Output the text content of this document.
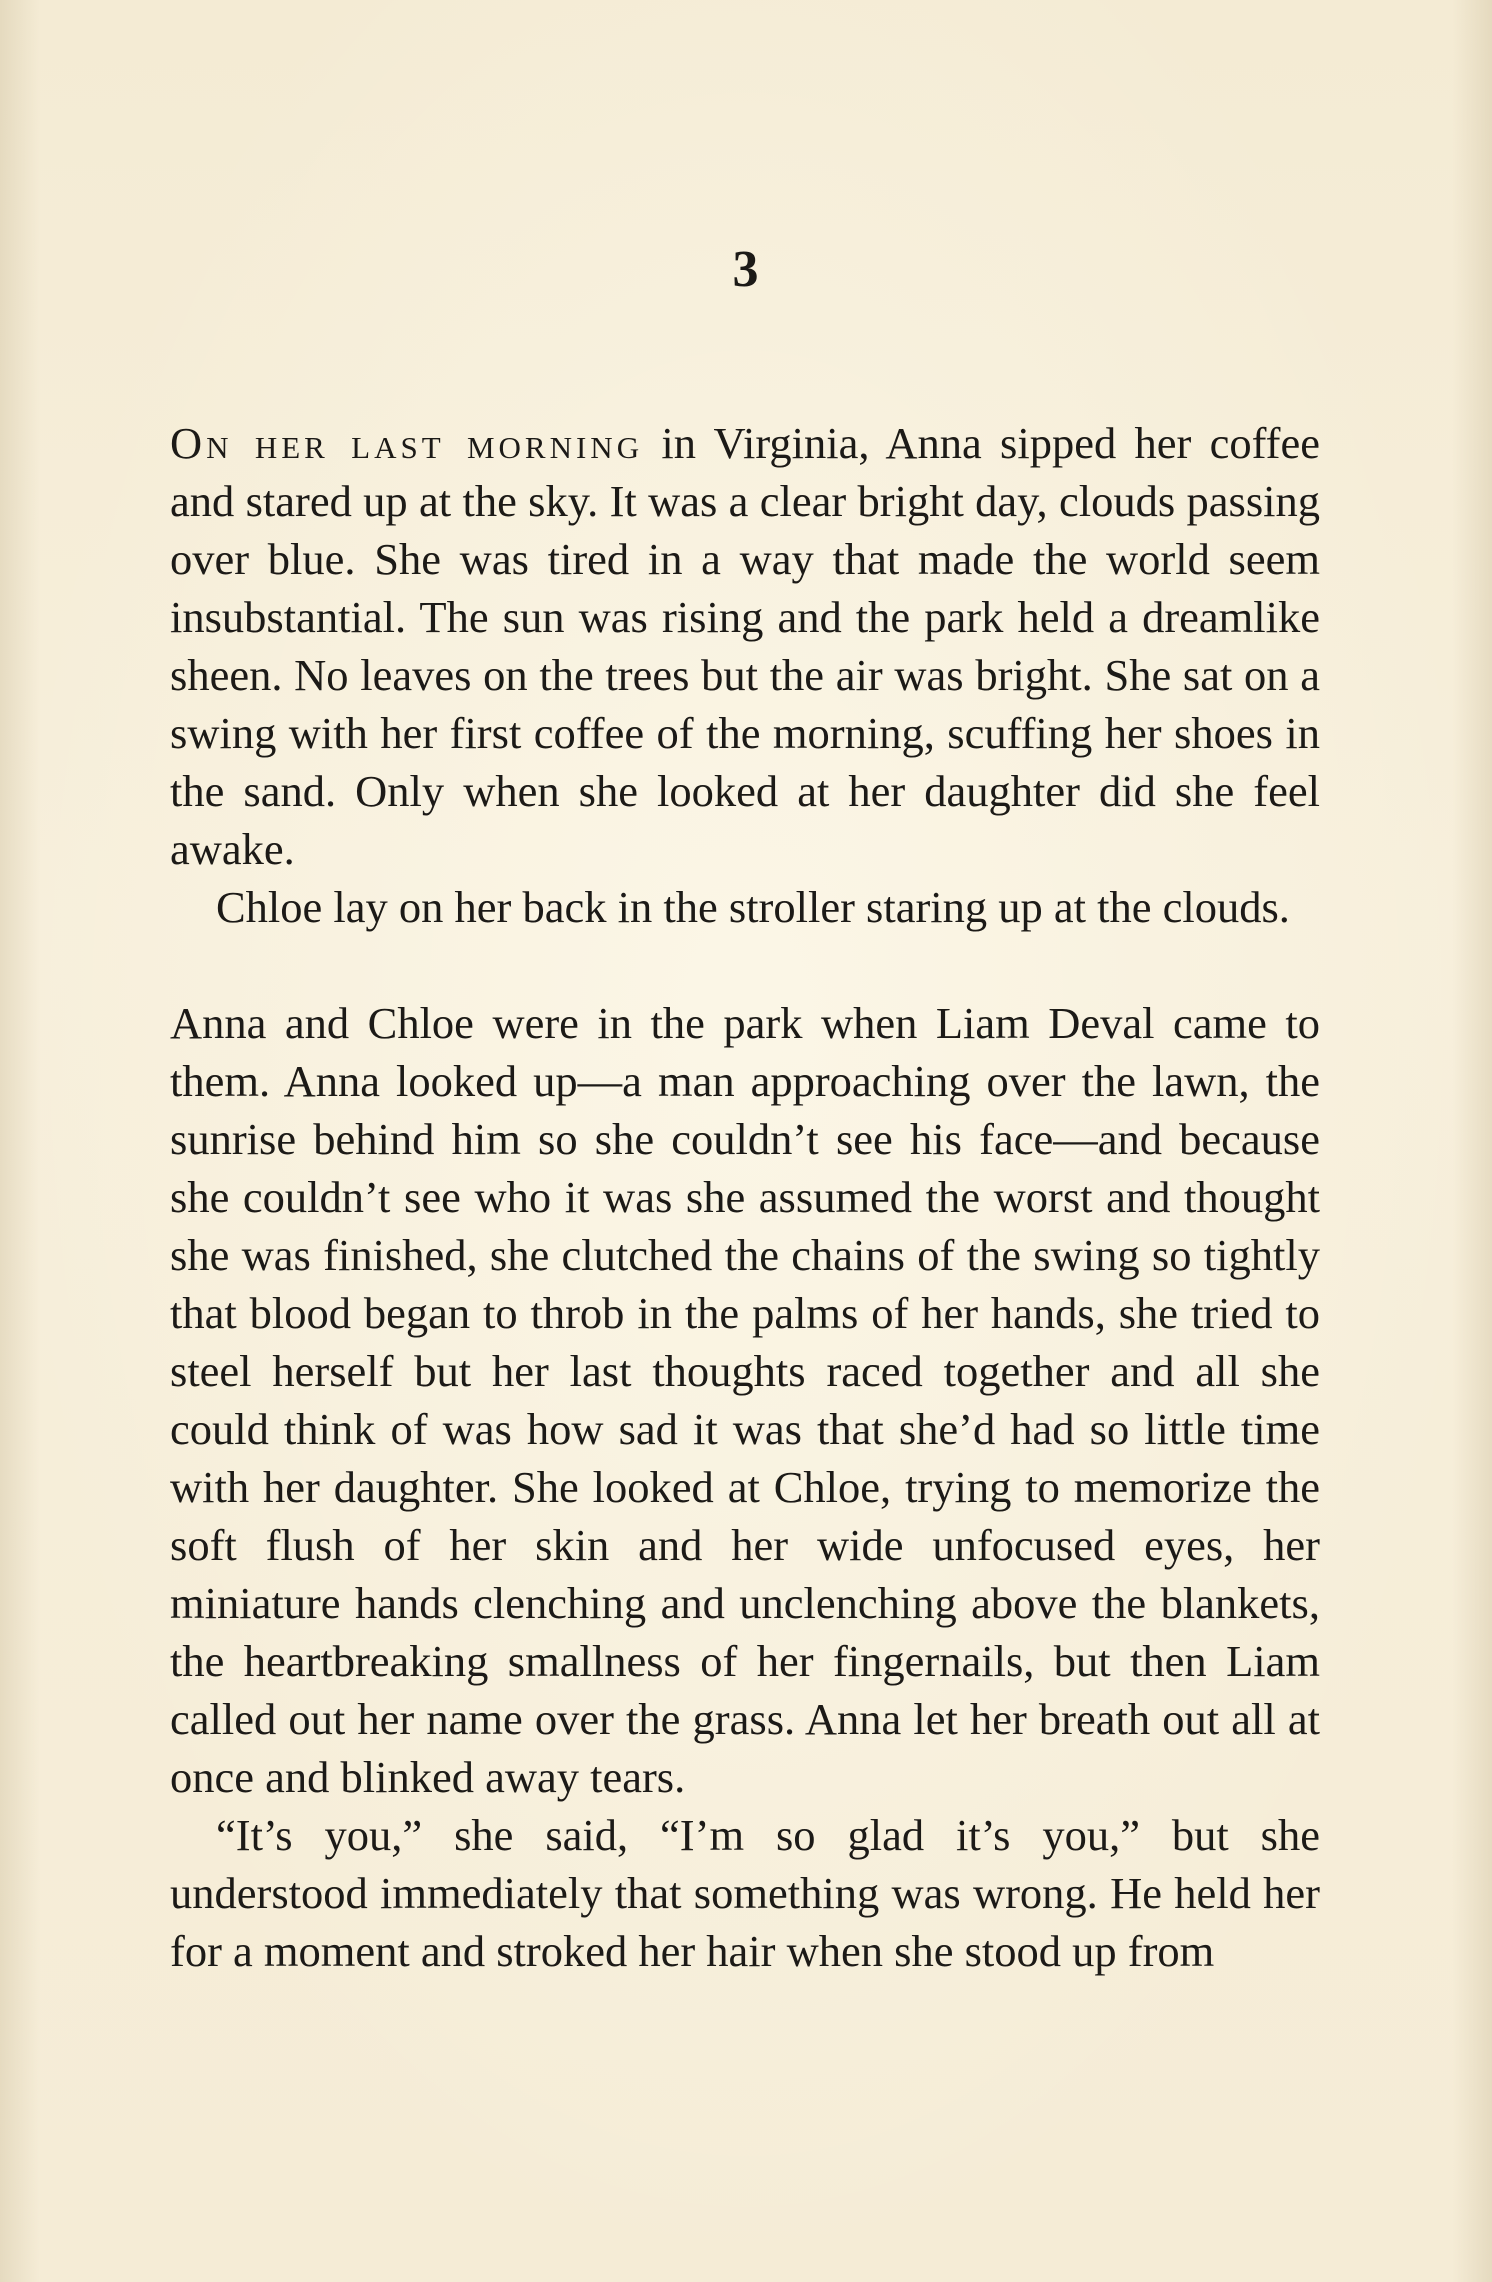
3

On her last morning in Virginia, Anna sipped her coffee and stared up at the sky. It was a clear bright day, clouds passing over blue. She was tired in a way that made the world seem insubstantial. The sun was rising and the park held a dreamlike sheen. No leaves on the trees but the air was bright. She sat on a swing with her first coffee of the morning, scuffing her shoes in the sand. Only when she looked at her daughter did she feel awake.

Chloe lay on her back in the stroller staring up at the clouds.

Anna and Chloe were in the park when Liam Deval came to them. Anna looked up—a man approaching over the lawn, the sunrise behind him so she couldn’t see his face—and because she couldn’t see who it was she assumed the worst and thought she was finished, she clutched the chains of the swing so tightly that blood began to throb in the palms of her hands, she tried to steel herself but her last thoughts raced together and all she could think of was how sad it was that she’d had so little time with her daughter. She looked at Chloe, trying to memorize the soft flush of her skin and her wide unfocused eyes, her miniature hands clenching and unclenching above the blankets, the heartbreaking smallness of her fingernails, but then Liam called out her name over the grass. Anna let her breath out all at once and blinked away tears.

“It’s you,” she said, “I’m so glad it’s you,” but she understood immediately that something was wrong. He held her for a moment and stroked her hair when she stood up from
